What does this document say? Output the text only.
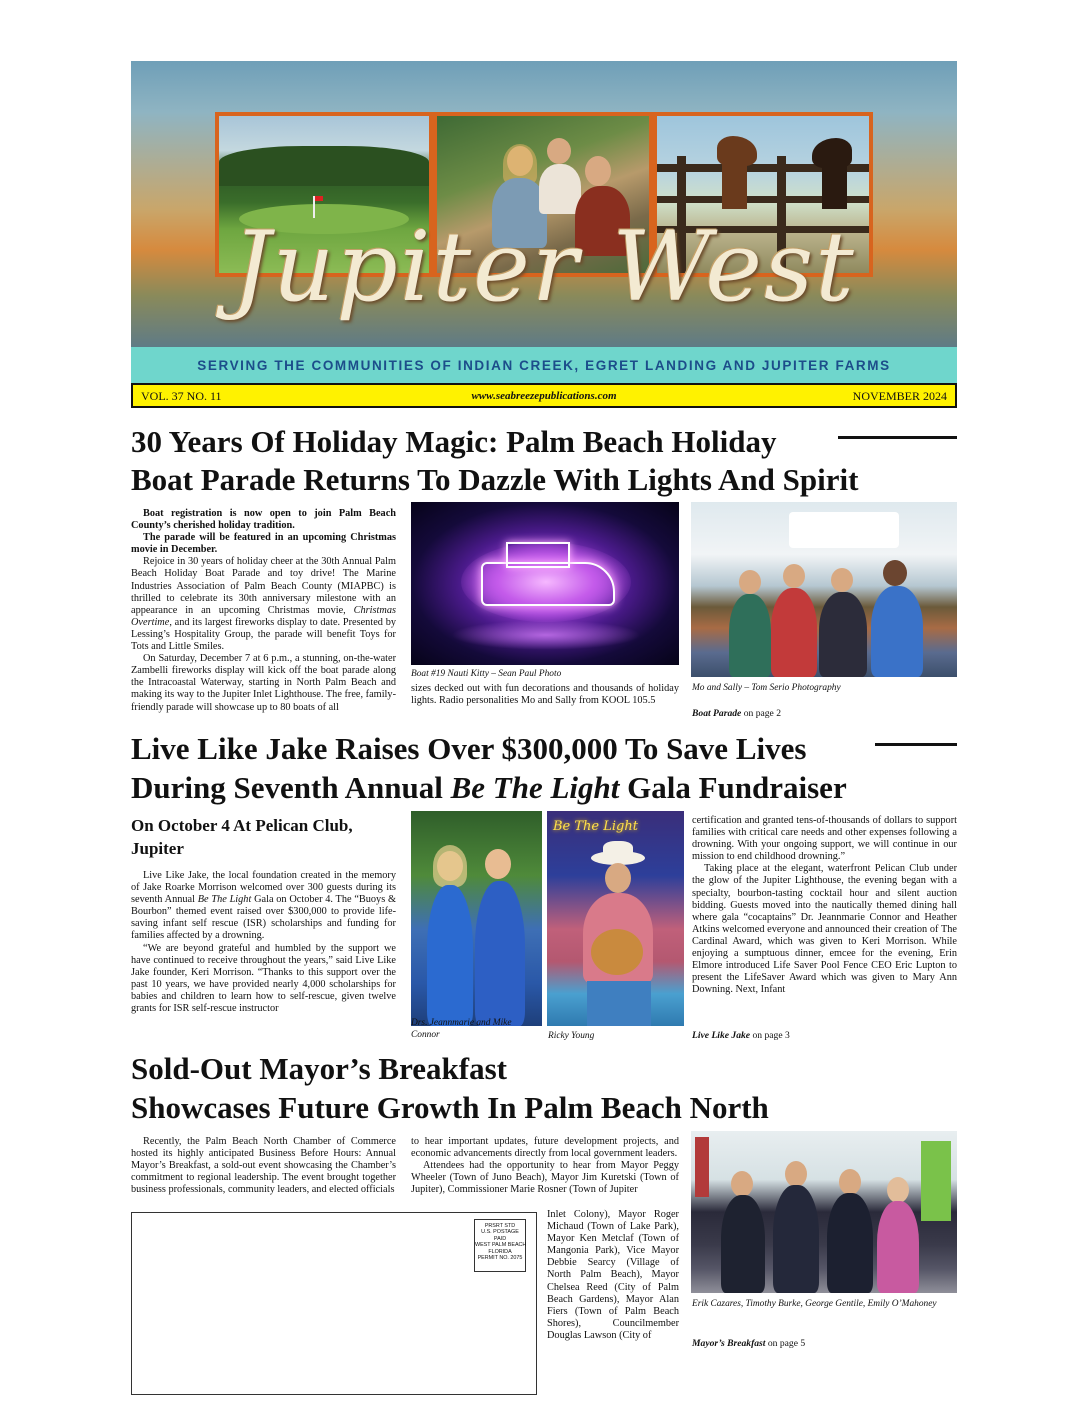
Jupiter West
SERVING THE COMMUNITIES OF INDIAN CREEK, EGRET LANDING AND JUPITER FARMS
VOL. 37 NO. 11	www.seabreezepublications.com	NOVEMBER 2024
30 Years Of Holiday Magic: Palm Beach Holiday
Boat Parade Returns To Dazzle With Lights And Spirit

Boat registration is now open to join Palm Beach County’s cherished holiday tradition.

The parade will be featured in an upcoming Christmas movie in December.

Rejoice in 30 years of holiday cheer at the 30th Annual Palm Beach Holiday Boat Parade and toy drive! The Marine Industries Association of Palm Beach County (MIAPBC) is thrilled to celebrate its 30th anniversary milestone with an appearance in an upcoming Christmas movie, Christmas Overtime, and its largest fireworks display to date. Presented by Lessing’s Hospitality Group, the parade will benefit Toys for Tots and Little Smiles.

On Saturday, December 7 at 6 p.m., a stunning, on-the-water Zambelli fireworks display will kick off the boat parade along the Intracoastal Waterway, starting in North Palm Beach and making its way to the Jupiter Inlet Lighthouse. The free, family-friendly parade will showcase up to 80 boats of all

Boat #19 Nauti Kitty – Sean Paul Photo

sizes decked out with fun decorations and thousands of holiday lights. Radio personalities Mo and Sally from KOOL 105.5

Mo and Sally – Tom Serio Photography
Boat Parade on page 2
Live Like Jake Raises Over $300,000 To Save Lives
During Seventh Annual Be The Light Gala Fundraiser
On October 4 At Pelican Club, Jupiter

Live Like Jake, the local foundation created in the memory of Jake Roarke Morrison welcomed over 300 guests during its seventh Annual Be The Light Gala on October 4. The “Buoys & Bourbon” themed event raised over $300,000 to provide life-saving infant self rescue (ISR) scholarships and funding for families affected by a drowning.

“We are beyond grateful and humbled by the support we have continued to receive throughout the years,” said Live Like Jake founder, Keri Morrison. “Thanks to this support over the past 10 years, we have provided nearly 4,000 scholarships for babies and children to learn how to self-rescue, given twelve grants for ISR self-rescue instructor

Drs. Jeannmarie and Mike Connor
Be The Light
Ricky Young

certification and granted tens-of-thousands of dollars to support families with critical care needs and other expenses following a drowning. With your ongoing support, we will continue in our mission to end childhood drowning.”

Taking place at the elegant, waterfront Pelican Club under the glow of the Jupiter Lighthouse, the evening began with a specialty, bourbon-tasting cocktail hour and silent auction bidding. Guests moved into the nautically themed dining hall where gala “cocaptains” Dr. Jeannmarie Connor and Heather Atkins welcomed everyone and announced their creation of The Cardinal Award, which was given to Keri Morrison. While enjoying a sumptuous dinner, emcee for the evening, Erin Elmore introduced Life Saver Pool Fence CEO Eric Lupton to present the LifeSaver Award which was given to Mary Ann Downing. Next, Infant

Live Like Jake on page 3
Sold-Out Mayor’s Breakfast
Showcases Future Growth In Palm Beach North

Recently, the Palm Beach North Chamber of Commerce hosted its highly anticipated Business Before Hours: Annual Mayor’s Breakfast, a sold-out event showcasing the Chamber’s commitment to regional leadership. The event brought together business professionals, community leaders, and elected officials

to hear important updates, future development projects, and economic advancements directly from local government leaders.

Attendees had the opportunity to hear from Mayor Peggy Wheeler (Town of Juno Beach), Mayor Jim Kuretski (Town of Jupiter), Commissioner Marie Rosner (Town of Jupiter

Inlet Colony), Mayor Roger Michaud (Town of Lake Park), Mayor Ken Metclaf (Town of Mangonia Park), Vice Mayor Debbie Searcy (Village of North Palm Beach), Mayor Chelsea Reed (City of Palm Beach Gardens), Mayor Alan Fiers (Town of Palm Beach Shores), Councilmember Douglas Lawson (City of

PRSRT STD
U.S. POSTAGE
PAID
WEST PALM BEACH
FLORIDA
PERMIT NO. 2075
Erik Cazares, Timothy Burke, George Gentile, Emily O’Mahoney
Mayor’s Breakfast on page 5
